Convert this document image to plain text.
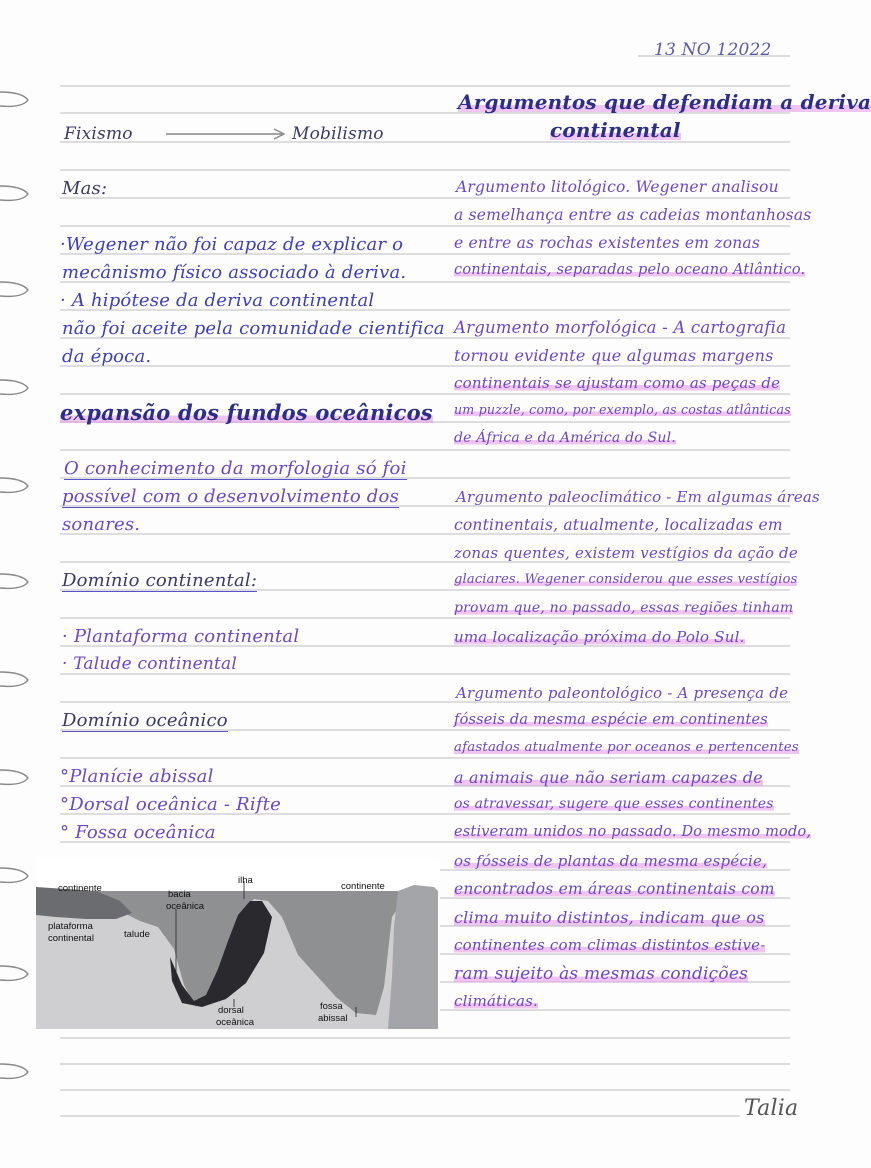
13 NO 12022
Fixismo	Mobilismo
Mas:
·Wegener não foi capaz de explicar o
mecânismo físico associado à deriva.
· A hipótese da deriva continental
não foi aceite pela comunidade cientifica
da época.
expansão dos fundos oceânicos
O conhecimento da morfologia só foi
possível com o desenvolvimento dos
sonares.
Domínio continental:
· Plantaforma continental
· Talude continental
Domínio oceânico
°Planície abissal
°Dorsal oceânica - Rifte
° Fossa oceânica
continente
bacia
oceânica
ilha
continente
plataforma
continental	talude
dorsal
oceânica
fossa
abissal
Argumentos que defendiam a deriva
continental
Argumento litológico. Wegener analisou
a semelhança entre as cadeias montanhosas
e entre as rochas existentes em zonas
continentais, separadas pelo oceano Atlântico.
Argumento morfológica - A cartografia
tornou evidente que algumas margens
continentais se ajustam como as peças de
um puzzle, como, por exemplo, as costas atlânticas
de África e da América do Sul.
Argumento paleoclimático - Em algumas áreas
continentais, atualmente, localizadas em
zonas quentes, existem vestígios da ação de
glaciares. Wegener considerou que esses vestígios
provam que, no passado, essas regiões tinham
uma localização próxima do Polo Sul.
Argumento paleontológico - A presença de
fósseis da mesma espécie em continentes
afastados atualmente por oceanos e pertencentes
a animais que não seriam capazes de
os atravessar, sugere que esses continentes
estiveram unidos no passado. Do mesmo modo,
os fósseis de plantas da mesma espécie,
encontrados em áreas continentais com
clima muito distintos, indicam que os
continentes com climas distintos estive-
ram sujeito às mesmas condições
climáticas.
Talia
